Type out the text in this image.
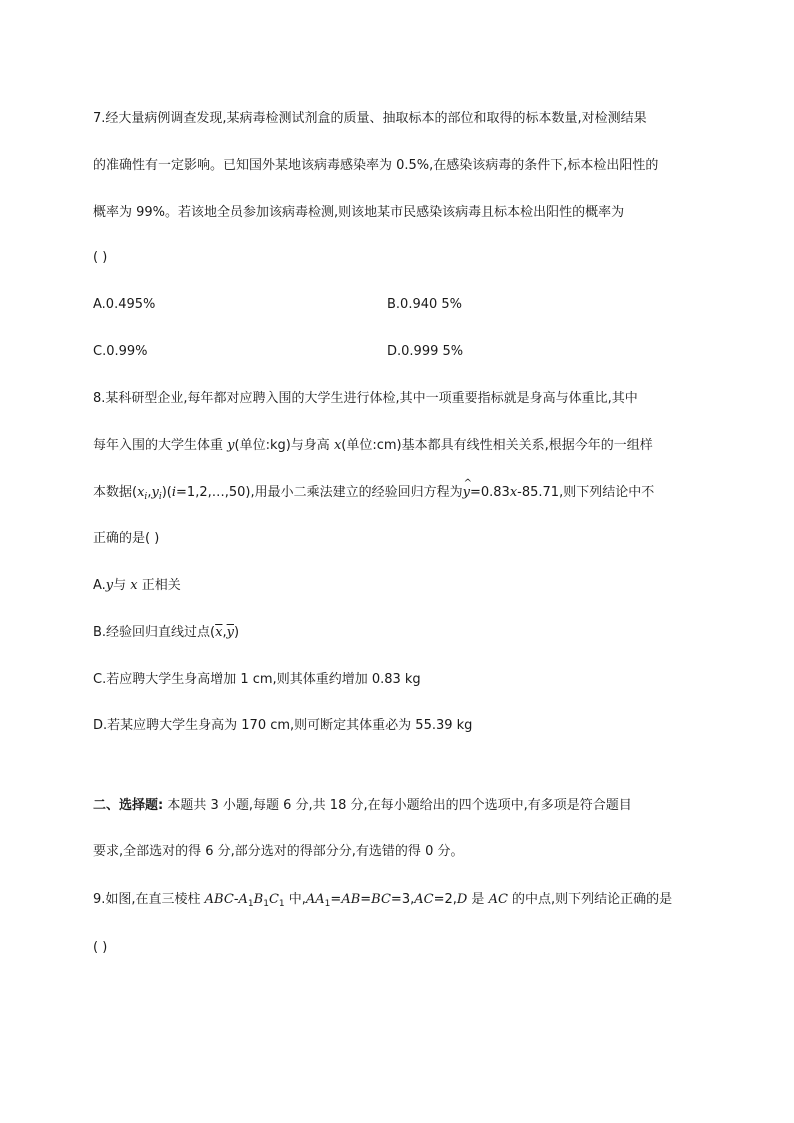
7.经大量病例调查发现,某病毒检测试剂盒的质量、抽取标本的部位和取得的标本数量,对检测结果
的准确性有一定影响。已知国外某地该病毒感染率为 0.5%,在感染该病毒的条件下,标本检出阳性的
概率为 99%。若该地全员参加该病毒检测,则该地某市民感染该病毒且标本检出阳性的概率为
( )
A.0.495%	B.0.940 5%
C.0.99%	D.0.999 5%
8.某科研型企业,每年都对应聘入围的大学生进行体检,其中一项重要指标就是身高与体重比,其中
每年入围的大学生体重 y(单位:kg)与身高 x(单位:cm)基本都具有线性相关关系,根据今年的一组样
本数据$(x_i,y_i)(i=1,2,\dots,50)$,用最小二乘法建立的经验回归方程为^ y=0.83x-85.71,则下列结论中不
正确的是( )
A.y与 x 正相关
B.经验回归直线过点$(\overline{x},\overline{y})$
C.若应聘大学生身高增加 1 cm,则其体重约增加 0.83 kg
D.若某应聘大学生身高为 170 cm,则可断定其体重必为 55.39 kg
二、选择题: 本题共 3 小题,每题 6 分,共 18 分,在每小题给出的四个选项中,有多项是符合题目
要求,全部选对的得 6 分,部分选对的得部分分,有选错的得 0 分。
9.如图,在直三棱柱 ABC-$A_1B_1C_1$ 中$,AA_1=AB=BC=3,AC=2,D$ 是 AC 的中点,则下列结论正确的是
( )
